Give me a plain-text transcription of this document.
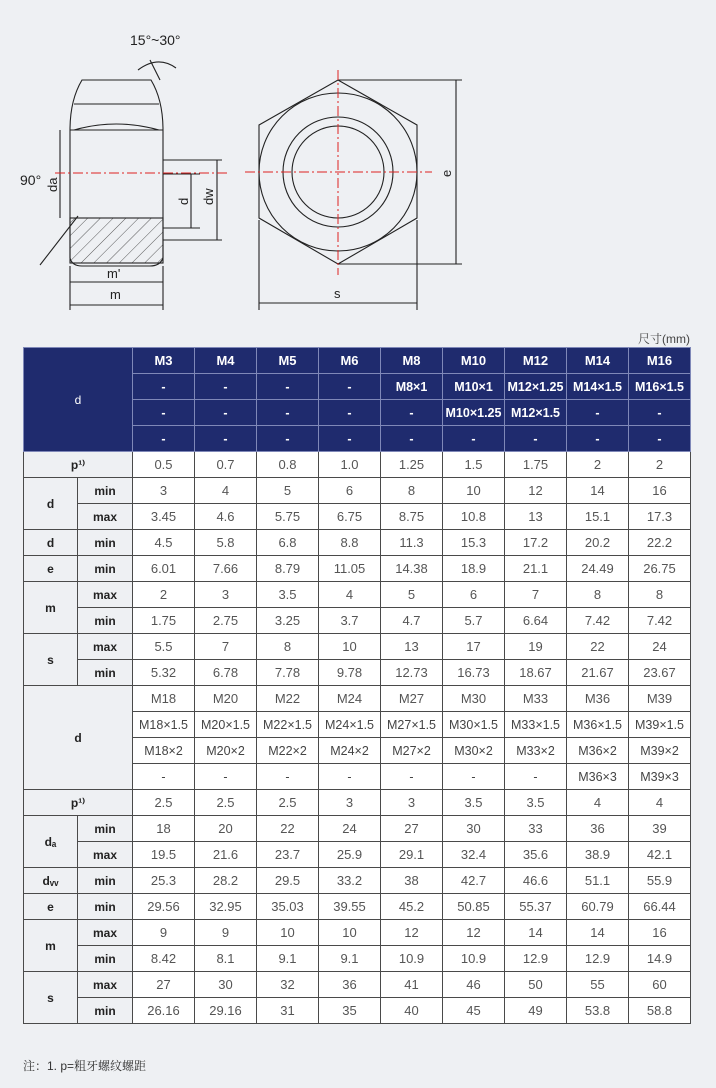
15°~30°
90° da
d dw
m'
m	s
e
尺寸(mm)
d		M3	M4	M5	M6	M8	M10	M12	M14	M16
		-	-	-	-	M8×1	M10×1	M12×1.25	M14×1.5	M16×1.5
		-	-	-	-	-	M10×1.25	M12×1.5	-	-
		-	-	-	-	-	-	-	-	-
p¹⁾		0.5	0.7	0.8	1.0	1.25	1.5	1.75	2	2
d	min	3	4	5	6	8	10	12	14	16
	max	3.45	4.6	5.75	6.75	8.75	10.8	13	15.1	17.3
d	min	4.5	5.8	6.8	8.8	11.3	15.3	17.2	20.2	22.2
e	min	6.01	7.66	8.79	11.05	14.38	18.9	21.1	24.49	26.75
m	max	2	3	3.5	4	5	6	7	8	8
	min	1.75	2.75	3.25	3.7	4.7	5.7	6.64	7.42	7.42
s	max	5.5	7	8	10	13	17	19	22	24
	min	5.32	6.78	7.78	9.78	12.73	16.73	18.67	21.67	23.67
d		M18	M20	M22	M24	M27	M30	M33	M36	M39
		M18×1.5	M20×1.5	M22×1.5	M24×1.5	M27×1.5	M30×1.5	M33×1.5	M36×1.5	M39×1.5
		M18×2	M20×2	M22×2	M24×2	M27×2	M30×2	M33×2	M36×2	M39×2
		-	-	-	-	-	-	-	M36×3	M39×3
p¹⁾		2.5	2.5	2.5	3	3	3.5	3.5	4	4
dₐ	min	18	20	22	24	27	30	33	36	39
	max	19.5	21.6	23.7	25.9	29.1	32.4	35.6	38.9	42.1
dᵥᵥ	min	25.3	28.2	29.5	33.2	38	42.7	46.6	51.1	55.9
e	min	29.56	32.95	35.03	39.55	45.2	50.85	55.37	60.79	66.44
m	max	9	9	10	10	12	12	14	14	16
	min	8.42	8.1	9.1	9.1	10.9	10.9	12.9	12.9	14.9
s	max	27	30	32	36	41	46	50	55	60
	min	26.16	29.16	31	35	40	45	49	53.8	58.8
注：1. p=粗牙螺纹螺距
